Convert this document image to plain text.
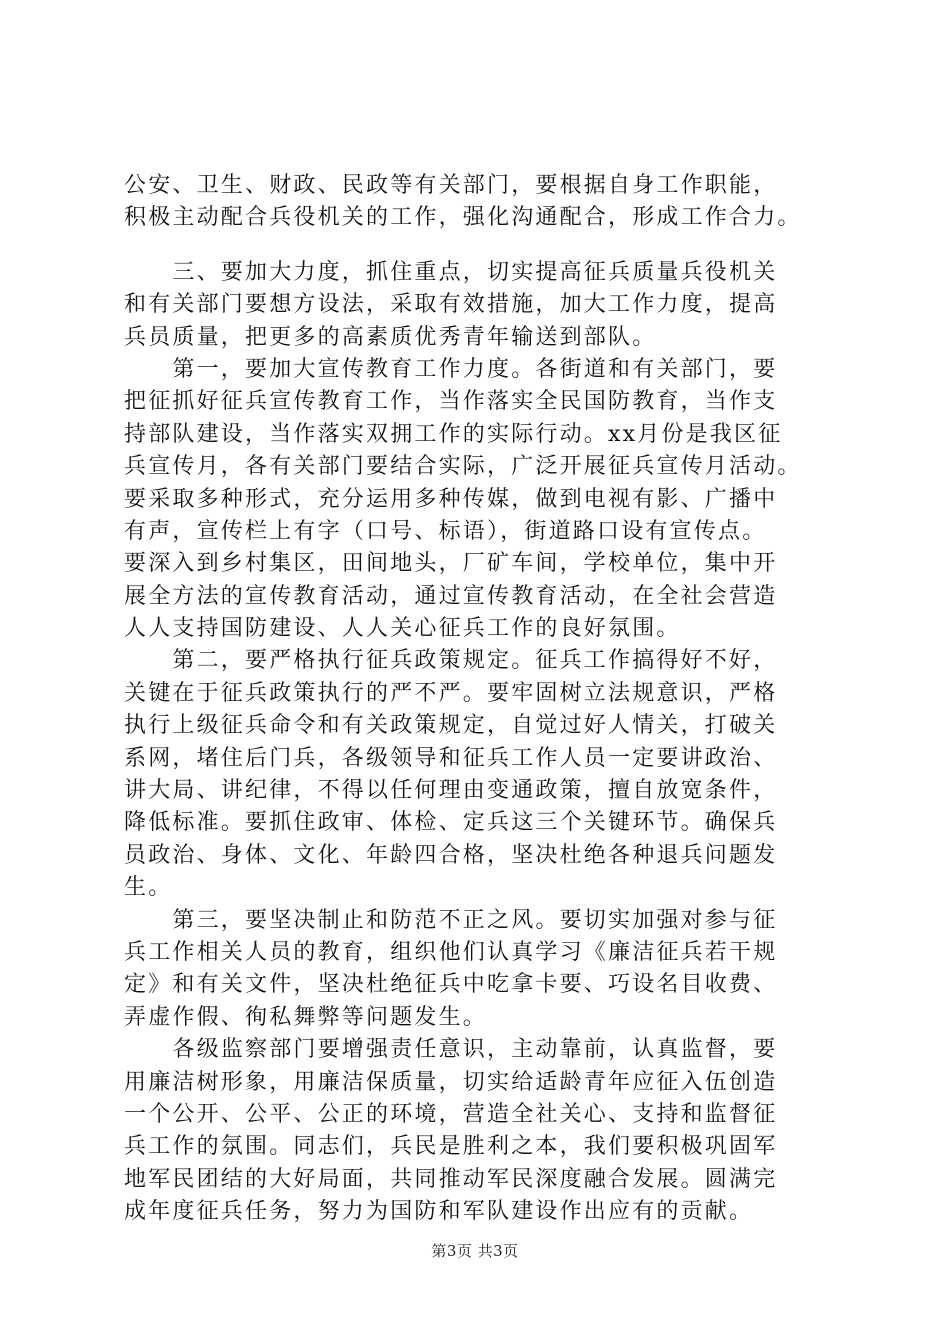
公安、卫生、财政、民政等有关部门，要根据自身工作职能，
积极主动配合兵役机关的工作，强化沟通配合，形成工作合力。
　　三、要加大力度，抓住重点，切实提高征兵质量兵役机关
和有关部门要想方设法，采取有效措施，加大工作力度，提高
兵员质量，把更多的高素质优秀青年输送到部队。
　　第一，要加大宣传教育工作力度。各街道和有关部门，要
把征抓好征兵宣传教育工作，当作落实全民国防教育，当作支
持部队建设，当作落实双拥工作的实际行动。xx月份是我区征
兵宣传月，各有关部门要结合实际，广泛开展征兵宣传月活动。
要采取多种形式，充分运用多种传媒，做到电视有影、广播中
有声，宣传栏上有字（口号、标语），街道路口设有宣传点。
要深入到乡村集区，田间地头，厂矿车间，学校单位，集中开
展全方法的宣传教育活动，通过宣传教育活动，在全社会营造
人人支持国防建设、人人关心征兵工作的良好氛围。
　　第二，要严格执行征兵政策规定。征兵工作搞得好不好，
关键在于征兵政策执行的严不严。要牢固树立法规意识，严格
执行上级征兵命令和有关政策规定，自觉过好人情关，打破关
系网，堵住后门兵，各级领导和征兵工作人员一定要讲政治、
讲大局、讲纪律，不得以任何理由变通政策，擅自放宽条件，
降低标准。要抓住政审、体检、定兵这三个关键环节。确保兵
员政治、身体、文化、年龄四合格，坚决杜绝各种退兵问题发
生。
　　第三，要坚决制止和防范不正之风。要切实加强对参与征
兵工作相关人员的教育，组织他们认真学习《廉洁征兵若干规
定》和有关文件，坚决杜绝征兵中吃拿卡要、巧设名目收费、
弄虚作假、徇私舞弊等问题发生。
　　各级监察部门要增强责任意识，主动靠前，认真监督，要
用廉洁树形象，用廉洁保质量，切实给适龄青年应征入伍创造
一个公开、公平、公正的环境，营造全社关心、支持和监督征
兵工作的氛围。同志们，兵民是胜利之本，我们要积极巩固军
地军民团结的大好局面，共同推动军民深度融合发展。圆满完
成年度征兵任务，努力为国防和军队建设作出应有的贡献。
第3页 共3页
